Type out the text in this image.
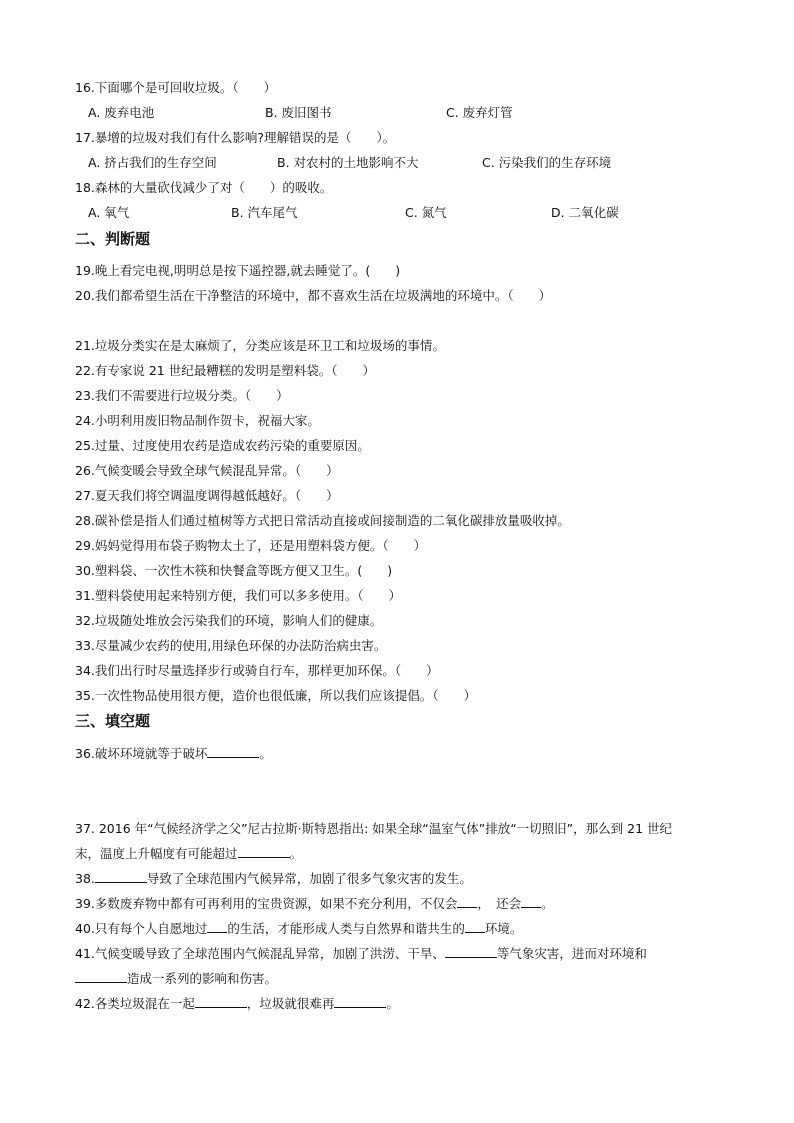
16.下面哪个是可回收垃圾。（　　）
A. 废弃电池	B. 废旧图书	C. 废弃灯管
17.暴增的垃圾对我们有什么影响?理解错误的是（　　）。
A. 挤占我们的生存空间	B. 对农村的土地影响不大	C. 污染我们的生存环境
18.森林的大量砍伐减少了对（　　）的吸收。
A. 氧气	B. 汽车尾气	C. 氮气	D. 二氧化碳
二、判断题
19.晚上看完电视,明明总是按下遥控器,就去睡觉了。(　　)
20.我们都希望生活在干净整洁的环境中，都不喜欢生活在垃圾满地的环境中。（　　）
21.垃圾分类实在是太麻烦了，分类应该是环卫工和垃圾场的事情。
22.有专家说 21 世纪最糟糕的发明是塑料袋。（　　）
23.我们不需要进行垃圾分类。（　　）
24.小明利用废旧物品制作贺卡，祝福大家。
25.过量、过度使用农药是造成农药污染的重要原因。
26.气候变暖会导致全球气候混乱异常。（　　）
27.夏天我们将空调温度调得越低越好。（　　）
28.碳补偿是指人们通过植树等方式把日常活动直接或间接制造的二氧化碳排放量吸收掉。
29.妈妈觉得用布袋子购物太土了，还是用塑料袋方便。（　　）
30.塑料袋、一次性木筷和快餐盒等既方便又卫生。(　　)
31.塑料袋使用起来特别方便，我们可以多多使用。（　　）
32.垃圾随处堆放会污染我们的环境，影响人们的健康。
33.尽量减少农药的使用,用绿色环保的办法防治病虫害。
34.我们出行时尽量选择步行或骑自行车，那样更加环保。（　　）
35.一次性物品使用很方便，造价也很低廉，所以我们应该提倡。（　　）
三、填空题
36.破坏环境就等于破坏	。
37. 2016 年“气候经济学之父”尼古拉斯·斯特恩指出: 如果全球“温室气体”排放“一切照旧”，那么到 21 世纪
末，温度上升幅度有可能超过	。
38.	导致了全球范围内气候异常，加剧了很多气象灾害的发生。
39.多数废弃物中都有可再利用的宝贵资源，如果不充分利用，不仅会 ，　还会 。
40.只有每个人自愿地过 的生活，才能形成人类与自然界和谐共生的 环境。
41.气候变暖导致了全球范围内气候混乱异常，加剧了洪涝、干旱、	等气象灾害，进而对环境和
造成一系列的影响和伤害。
42.各类垃圾混在一起	，垃圾就很难再	。
